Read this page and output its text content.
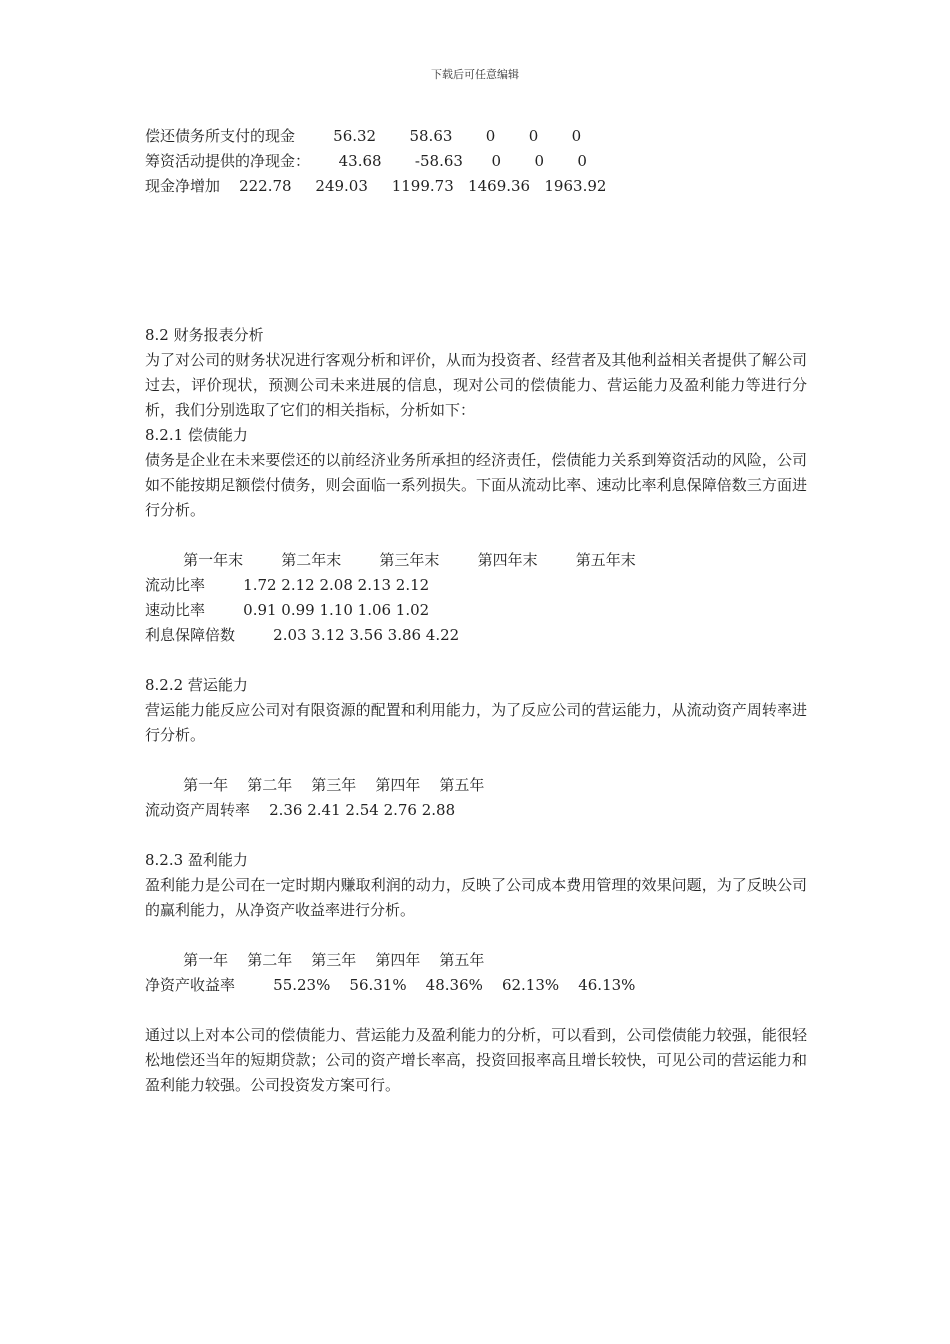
下载后可任意编辑
偿还债务所支付的现金        56.32       58.63       0       0       0
筹资活动提供的净现金：      43.68       -58.63      0       0       0
现金净增加    222.78     249.03     1199.73   1469.36   1963.92
8.2 财务报表分析
为了对公司的财务状况进行客观分析和评价，从而为投资者、经营者及其他利益相关者提供了解公司过去，评价现状，预测公司未来进展的信息，现对公司的偿债能力、营运能力及盈利能力等进行分析，我们分别选取了它们的相关指标，分析如下：
8.2.1 偿债能力
债务是企业在未来要偿还的以前经济业务所承担的经济责任，偿债能力关系到筹资活动的风险，公司如不能按期足额偿付债务，则会面临一系列损失。下面从流动比率、速动比率利息保障倍数三方面进行分析。
第一年末        第二年末        第三年末        第四年末        第五年末
流动比率        1.72 2.12 2.08 2.13 2.12
速动比率        0.91 0.99 1.10 1.06 1.02
利息保障倍数        2.03 3.12 3.56 3.86 4.22
8.2.2 营运能力
营运能力能反应公司对有限资源的配置和利用能力，为了反应公司的营运能力，从流动资产周转率进行分析。
第一年    第二年    第三年    第四年    第五年
流动资产周转率    2.36 2.41 2.54 2.76 2.88
8.2.3 盈利能力
盈利能力是公司在一定时期内赚取利润的动力，反映了公司成本费用管理的效果问题，为了反映公司的赢利能力，从净资产收益率进行分析。
第一年    第二年    第三年    第四年    第五年
净资产收益率        55.23%    56.31%    48.36%    62.13%    46.13%
通过以上对本公司的偿债能力、营运能力及盈利能力的分析，可以看到，公司偿债能力较强，能很轻松地偿还当年的短期贷款；公司的资产增长率高，投资回报率高且增长较快，可见公司的营运能力和盈利能力较强。公司投资发方案可行。
